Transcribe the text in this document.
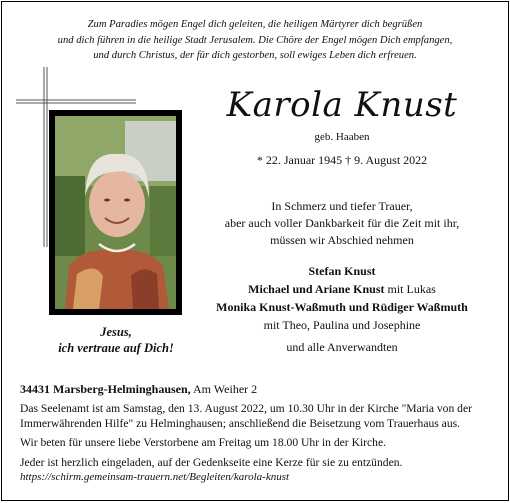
Zum Paradies mögen Engel dich geleiten, die heiligen Märtyrer dich begrüßen
und dich führen in die heilige Stadt Jerusalem. Die Chöre der Engel mögen Dich empfangen,
und durch Christus, der für dich gestorben, soll ewiges Leben dich erfreuen.
Jesus,
ich vertraue auf Dich!
Karola Knust
geb. Haaben
* 22. Januar 1945 † 9. August 2022
In Schmerz und tiefer Trauer,
aber auch voller Dankbarkeit für die Zeit mit ihr,
müssen wir Abschied nehmen
Stefan Knust
Michael und Ariane Knust mit Lukas
Monika Knust-Waßmuth und Rüdiger Waßmuth
mit Theo, Paulina und Josephine
und alle Anverwandten
34431 Marsberg-Helminghausen, Am Weiher 2

Das Seelenamt ist am Samstag, den 13. August 2022, um 10.30 Uhr in der Kirche "Maria von der Immerwährenden Hilfe" zu Helminghausen; anschließend die Beisetzung vom Trauerhaus aus.

Wir beten für unsere liebe Verstorbene am Freitag um 18.00 Uhr in der Kirche.

Jeder ist herzlich eingeladen, auf der Gedenkseite eine Kerze für sie zu entzünden.

https://schirm.gemeinsam-trauern.net/Begleiten/karola-knust
